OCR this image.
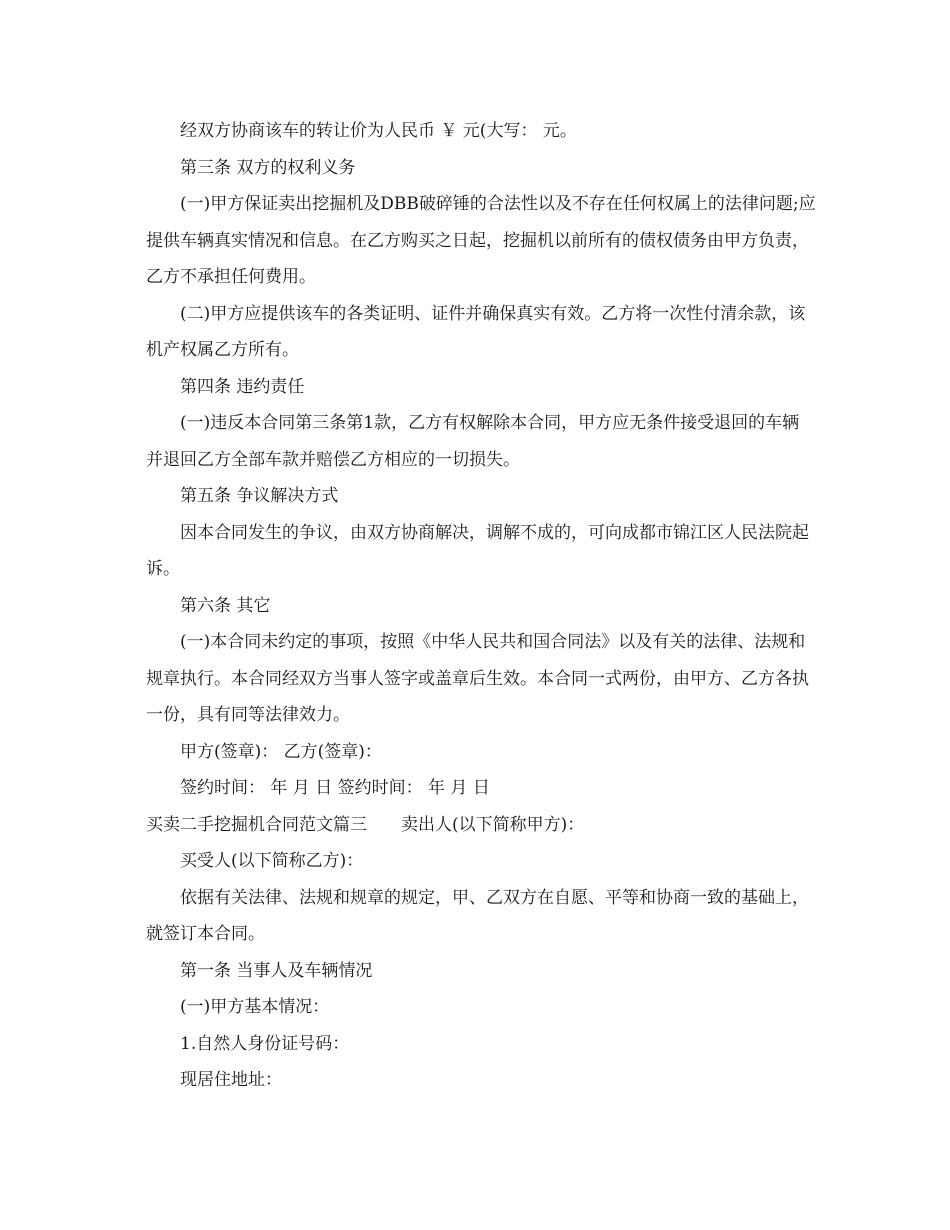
经双方协商该车的转让价为人民币 ￥ 元(大写： 元。

第三条 双方的权利义务

(一)甲方保证卖出挖掘机及DBB破碎锤的合法性以及不存在任何权属上的法律问题;应提供车辆真实情况和信息。在乙方购买之日起，挖掘机以前所有的债权债务由甲方负责，乙方不承担任何费用。

(二)甲方应提供该车的各类证明、证件并确保真实有效。乙方将一次性付清余款，该机产权属乙方所有。

第四条 违约责任

(一)违反本合同第三条第1款，乙方有权解除本合同，甲方应无条件接受退回的车辆并退回乙方全部车款并赔偿乙方相应的一切损失。

第五条 争议解决方式

因本合同发生的争议，由双方协商解决，调解不成的，可向成都市锦江区人民法院起诉。

第六条 其它

(一)本合同未约定的事项，按照《中华人民共和国合同法》以及有关的法律、法规和规章执行。本合同经双方当事人签字或盖章后生效。本合同一式两份，由甲方、乙方各执一份，具有同等法律效力。

甲方(签章)： 乙方(签章)：

签约时间： 年 月 日 签约时间： 年 月 日

买卖二手挖掘机合同范文篇三　　卖出人(以下简称甲方)：

买受人(以下简称乙方)：

依据有关法律、法规和规章的规定，甲、乙双方在自愿、平等和协商一致的基础上，就签订本合同。

第一条 当事人及车辆情况

(一)甲方基本情况：

1.自然人身份证号码：

现居住地址：
